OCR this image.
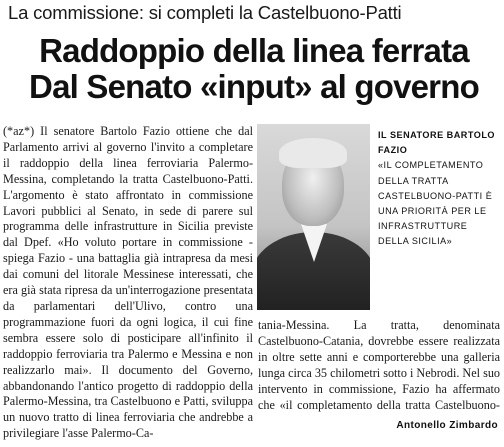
La commissione: si completi la Castelbuono-Patti
Raddoppio della linea ferrata
Dal Senato «input» al governo
(*az*) Il senatore Bartolo Fazio ottiene che dal Parlamento arrivi al governo l'invito a completare il raddoppio della linea ferroviaria Palermo-Messina, completando la tratta Castelbuono-Patti. L'argomento è stato affrontato in commissione Lavori pubblici al Senato, in sede di parere sul programma delle infrastrutture in Sicilia previste dal Dpef. «Ho voluto portare in commissione - spiega Fazio - una battaglia già intrapresa da mesi dai comuni del litorale Messinese interessati, che era già stata ripresa da un'interrogazione presentata da parlamentari dell'Ulivo, contro una programmazione fuori da ogni logica, il cui fine sembra essere solo di posticipare all'infinito il raddoppio ferroviaria tra Palermo e Messina e non realizzarlo mai». Il documento del Governo, abbandonando l'antico progetto di raddoppio della Palermo-Messina, tra Castelbuono e Patti, sviluppa un nuovo tratto di linea ferroviaria che andrebbe a privilegiare l'asse Palermo-Ca-
IL SENATORE BARTOLO FAZIO
«IL COMPLETAMENTO DELLA TRATTA CASTELBUONO-PATTI È UNA PRIORITÀ PER LE INFRASTRUTTURE DELLA SICILIA»
tania-Messina. La tratta, denominata Castelbuono-Catania, dovrebbe essere realizzata in oltre sette anni e comporterebbe una galleria lunga circa 35 chilometri sotto i Nebrodi. Nel suo intervento in commissione, Fazio ha affermato che «il completamento della tratta Castelbuono-
Antonello Zimbardo
